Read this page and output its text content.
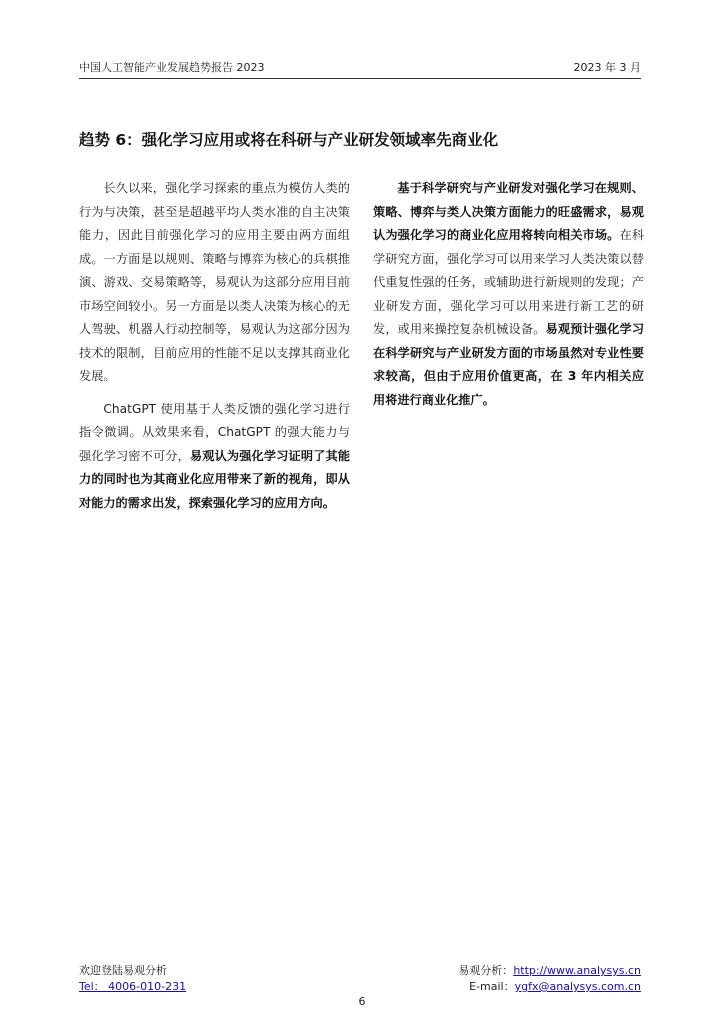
中国人工智能产业发展趋势报告 2023	2023 年 3 月
趋势 6：强化学习应用或将在科研与产业研发领域率先商业化

长久以来，强化学习探索的重点为模仿人类的行为与决策，甚至是超越平均人类水准的自主决策能力，因此目前强化学习的应用主要由两方面组成。一方面是以规则、策略与博弈为核心的兵棋推演、游戏、交易策略等，易观认为这部分应用目前市场空间较小。另一方面是以类人决策为核心的无人驾驶、机器人行动控制等，易观认为这部分因为技术的限制，目前应用的性能不足以支撑其商业化发展。

ChatGPT 使用基于人类反馈的强化学习进行指令微调。从效果来看，ChatGPT 的强大能力与强化学习密不可分，易观认为强化学习证明了其能力的同时也为其商业化应用带来了新的视角，即从对能力的需求出发，探索强化学习的应用方向。

基于科学研究与产业研发对强化学习在规则、策略、博弈与类人决策方面能力的旺盛需求，易观认为强化学习的商业化应用将转向相关市场。在科学研究方面，强化学习可以用来学习人类决策以替代重复性强的任务，或辅助进行新规则的发现；产业研发方面，强化学习可以用来进行新工艺的研发，或用来操控复杂机械设备。易观预计强化学习在科学研究与产业研发方面的市场虽然对专业性要求较高，但由于应用价值更高，在 3 年内相关应用将进行商业化推广。

欢迎登陆易观分析
Tel： 4006-010-231
易观分析：http://www.analysys.cn
E-mail：ygfx@analysys.com.cn
6
